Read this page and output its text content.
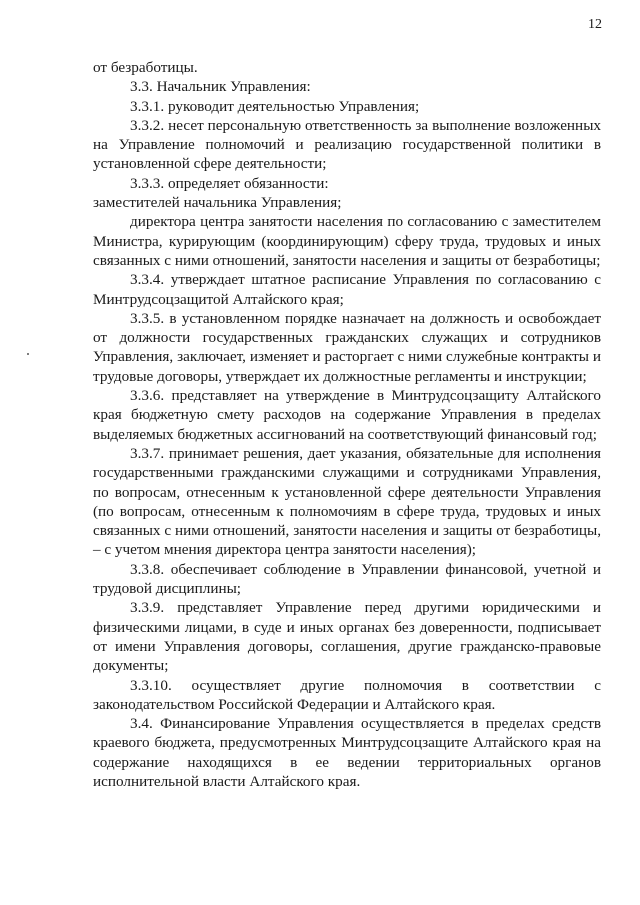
12

от безработицы.

3.3. Начальник Управления:

3.3.1. руководит деятельностью Управления;

3.3.2. несет персональную ответственность за выполнение возложенных на Управление полномочий и реализацию государственной политики в установленной сфере деятельности;

3.3.3. определяет обязанности:

заместителей начальника Управления;

директора центра занятости населения по согласованию с заместителем Министра, курирующим (координирующим) сферу труда, трудовых и иных связанных с ними отношений, занятости населения и защиты от безработицы;

3.3.4. утверждает штатное расписание Управления по согласованию с Минтрудсоцзащитой Алтайского края;

3.3.5. в установленном порядке назначает на должность и освобождает от должности государственных гражданских служащих и сотрудников Управления, заключает, изменяет и расторгает с ними служебные контракты и трудовые договоры, утверждает их должностные регламенты и инструкции;

3.3.6. представляет на утверждение в Минтрудсоцзащиту Алтайского края бюджетную смету расходов на содержание Управления в пределах выделяемых бюджетных ассигнований на соответствующий финансовый год;

3.3.7. принимает решения, дает указания, обязательные для исполнения государственными гражданскими служащими и сотрудниками Управления, по вопросам, отнесенным к установленной сфере деятельности Управления (по вопросам, отнесенным к полномочиям в сфере труда, трудовых и иных связанных с ними отношений, занятости населения и защиты от безработицы, – с учетом мнения директора центра занятости населения);

3.3.8. обеспечивает соблюдение в Управлении финансовой, учетной и трудовой дисциплины;

3.3.9. представляет Управление перед другими юридическими и физическими лицами, в суде и иных органах без доверенности, подписывает от имени Управления договоры, соглашения, другие гражданско-правовые документы;

3.3.10. осуществляет другие полномочия в соответствии с законодательством Российской Федерации и Алтайского края.

3.4. Финансирование Управления осуществляется в пределах средств краевого бюджета, предусмотренных Минтрудсоцзащите Алтайского края на содержание находящихся в ее ведении территориальных органов исполнительной власти Алтайского края.
